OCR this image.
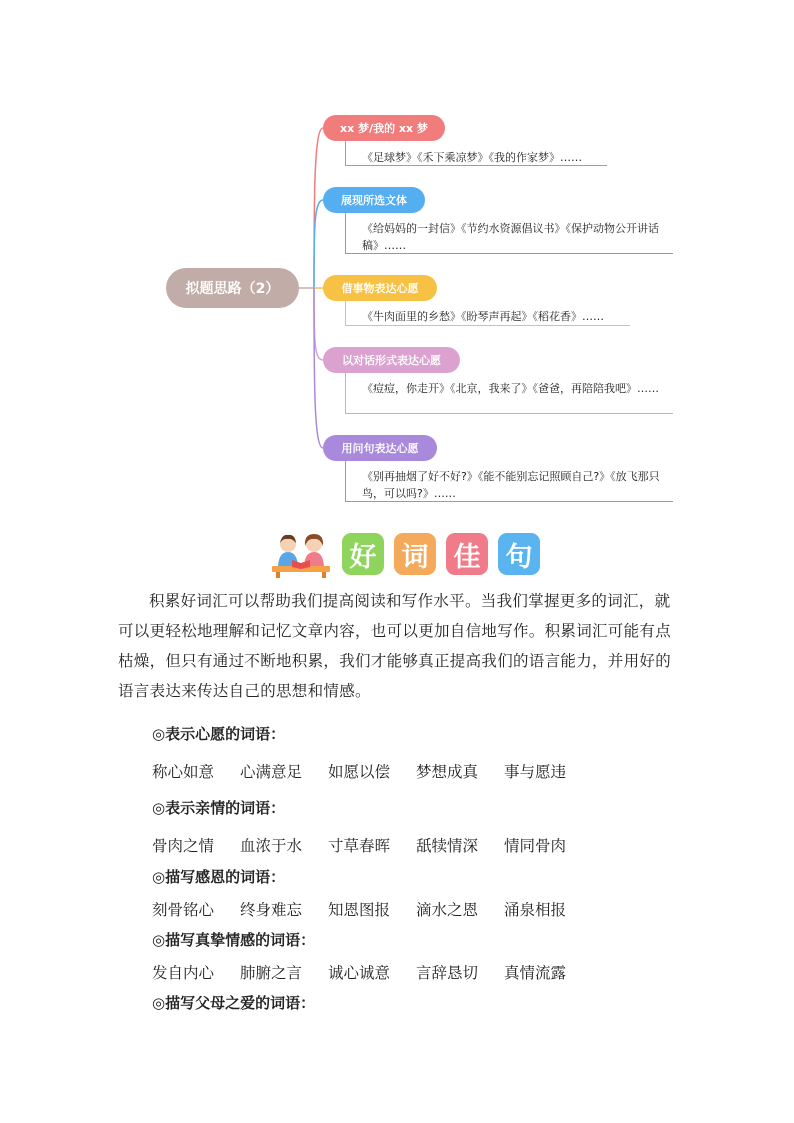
拟题思路（2）
xx 梦/我的 xx 梦
《足球梦》《禾下乘凉梦》《我的作家梦》……
展现所选文体
《给妈妈的一封信》《节约水资源倡议书》《保护动物公开讲话稿》……
借事物表达心愿
《牛肉面里的乡愁》《盼琴声再起》《稻花香》……
以对话形式表达心愿
《痘痘，你走开》《北京，我来了》《爸爸，再陪陪我吧》……
用问句表达心愿
《别再抽烟了好不好?》《能不能别忘记照顾自己?》《放飞那只鸟，可以吗?》……
好 词 佳 句
积累好词汇可以帮助我们提高阅读和写作水平。当我们掌握更多的词汇，就可以更轻松地理解和记忆文章内容，也可以更加自信地写作。积累词汇可能有点枯燥，但只有通过不断地积累，我们才能够真正提高我们的语言能力，并用好的语言表达来传达自己的思想和情感。
◎表示心愿的词语：
称心如意	心满意足	如愿以偿	梦想成真	事与愿违
◎表示亲情的词语：
骨肉之情	血浓于水	寸草春晖	舐犊情深	情同骨肉
◎描写感恩的词语：
刻骨铭心	终身难忘	知恩图报	滴水之恩	涌泉相报
◎描写真挚情感的词语：
发自内心	肺腑之言	诚心诚意	言辞恳切	真情流露
◎描写父母之爱的词语：
